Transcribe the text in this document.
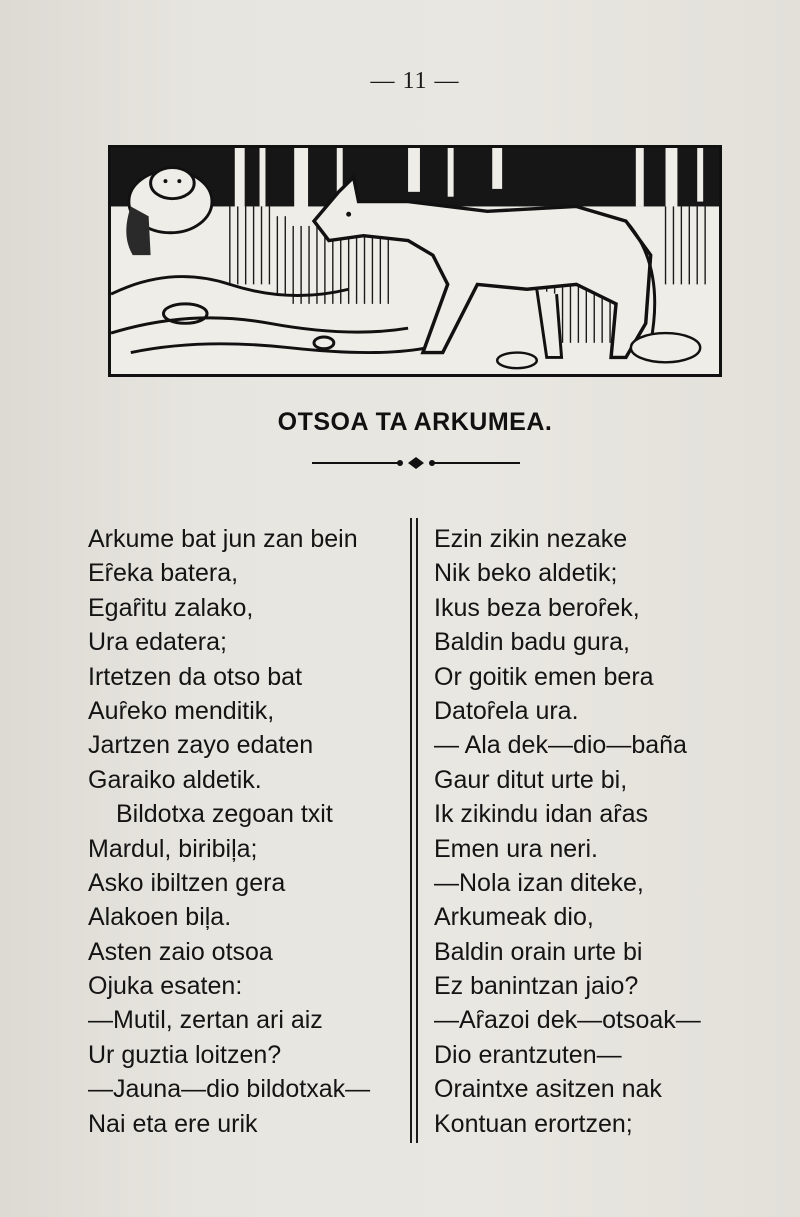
— 11 —
OTSOA TA ARKUMEA.
Arkume bat jun zan bein
Eȓeka batera,
Egaȓitu zalako,
Ura edatera;
Irtetzen da otso bat
Auȓeko menditik,
Jartzen zayo edaten
Garaiko aldetik.
Bildotxa zegoan txit
Mardul, biribiļa;
Asko ibiltzen gera
Alakoen biļa.
Asten zaio otsoa
Ojuka esaten:
—Mutil, zertan ari aiz
Ur guztia loitzen?
—Jauna—dio bildotxak—
Nai eta ere urik
Ezin zikin nezake
Nik beko aldetik;
Ikus beza beroȓek,
Baldin badu gura,
Or goitik emen bera
Datoȓela ura.
— Ala dek—dio—baña
Gaur ditut urte bi,
Ik zikindu idan aȓas
Emen ura neri.
—Nola izan diteke,
Arkumeak dio,
Baldin orain urte bi
Ez banintzan jaio?
—Aȓazoi dek—otsoak—
Dio erantzuten—
Oraintxe asitzen nak
Kontuan erortzen;
